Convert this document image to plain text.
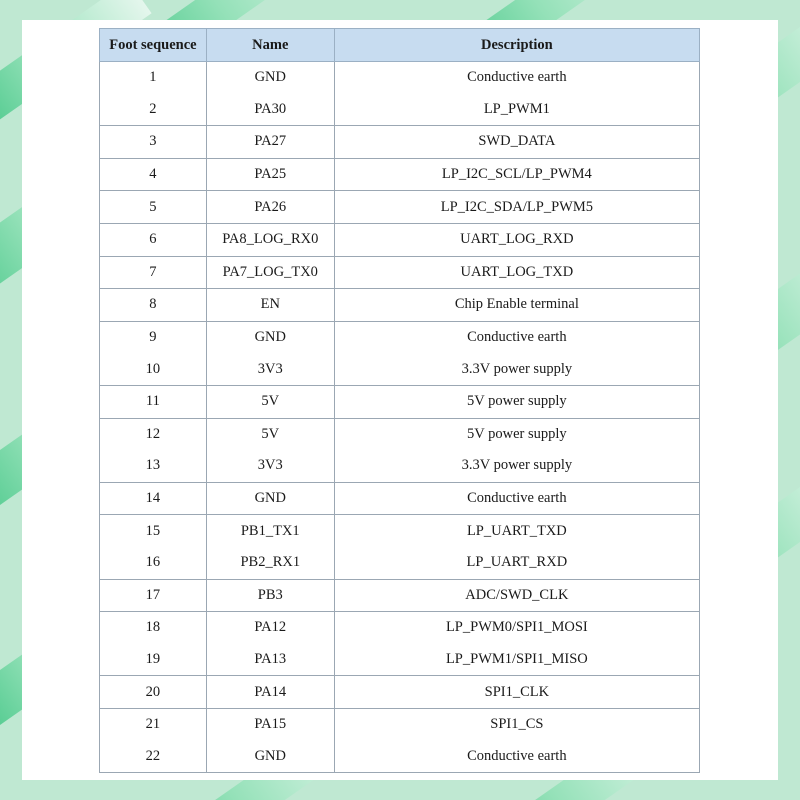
Foot sequence	Name	Description
1	GND	Conductive earth
2	PA30	LP_PWM1
3	PA27	SWD_DATA
4	PA25	LP_I2C_SCL/LP_PWM4
5	PA26	LP_I2C_SDA/LP_PWM5
6	PA8_LOG_RX0	UART_LOG_RXD
7	PA7_LOG_TX0	UART_LOG_TXD
8	EN	Chip Enable terminal
9	GND	Conductive earth
10	3V3	3.3V power supply
11	5V	5V power supply
12	5V	5V power supply
13	3V3	3.3V power supply
14	GND	Conductive earth
15	PB1_TX1	LP_UART_TXD
16	PB2_RX1	LP_UART_RXD
17	PB3	ADC/SWD_CLK
18	PA12	LP_PWM0/SPI1_MOSI
19	PA13	LP_PWM1/SPI1_MISO
20	PA14	SPI1_CLK
21	PA15	SPI1_CS
22	GND	Conductive earth
